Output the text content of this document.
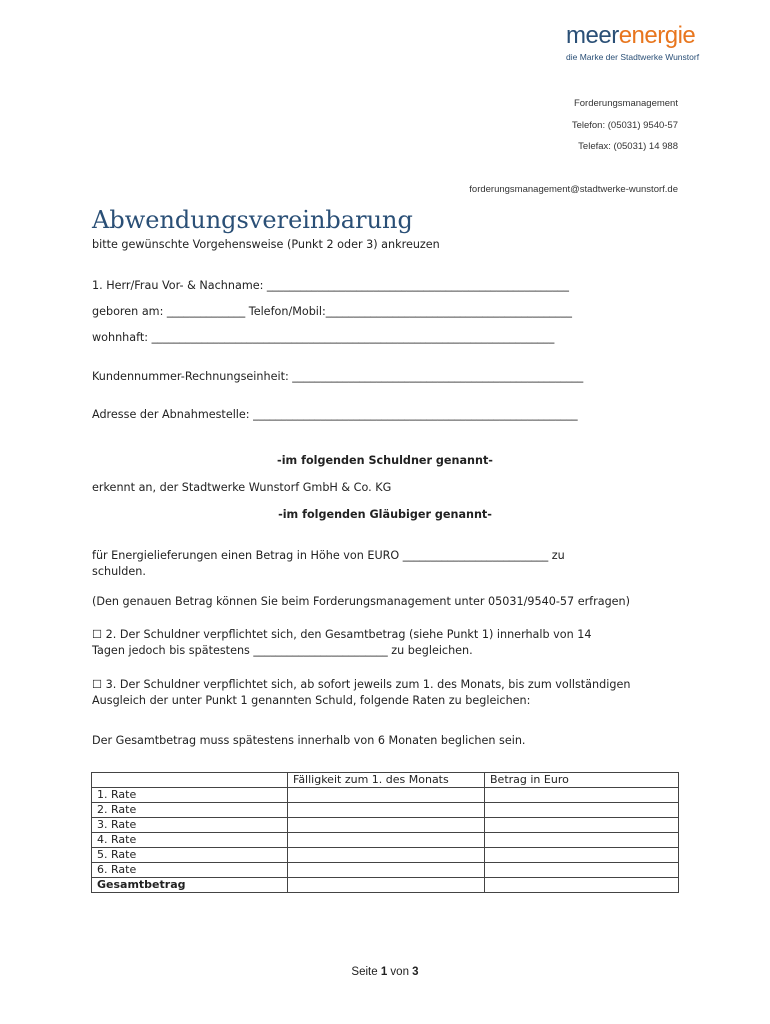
meerenergie
die Marke der Stadtwerke Wunstorf
Forderungsmanagement
Telefon: (05031) 9540-57
Telefax: (05031) 14 988
forderungsmanagement@stadtwerke-wunstorf.de
Abwendungsvereinbarung
bitte gewünschte Vorgehensweise (Punkt 2 oder 3) ankreuzen
1. Herr/Frau Vor- & Nachname: ______________________________________________________
geboren am: ______________ Telefon/Mobil:____________________________________________
wohnhaft: ________________________________________________________________________
Kundennummer-Rechnungseinheit: ____________________________________________________
Adresse der Abnahmestelle: __________________________________________________________
-im folgenden Schuldner genannt-
erkennt an, der Stadtwerke Wunstorf GmbH & Co. KG
-im folgenden Gläubiger genannt-
für Energielieferungen einen Betrag in Höhe von EURO __________________________ zu
schulden.
(Den genauen Betrag können Sie beim Forderungsmanagement unter 05031/9540-57 erfragen)
☐ 2. Der Schuldner verpflichtet sich, den Gesamtbetrag (siehe Punkt 1) innerhalb von 14
Tagen jedoch bis spätestens ________________________ zu begleichen.
☐ 3. Der Schuldner verpflichtet sich, ab sofort jeweils zum 1. des Monats, bis zum vollständigen
Ausgleich der unter Punkt 1 genannten Schuld, folgende Raten zu begleichen:
Der Gesamtbetrag muss spätestens innerhalb von 6 Monaten beglichen sein.
	Fälligkeit zum 1. des Monats	Betrag in Euro
1. Rate		
2. Rate		
3. Rate		
4. Rate		
5. Rate		
6. Rate		
Gesamtbetrag		
Seite 1 von 3
